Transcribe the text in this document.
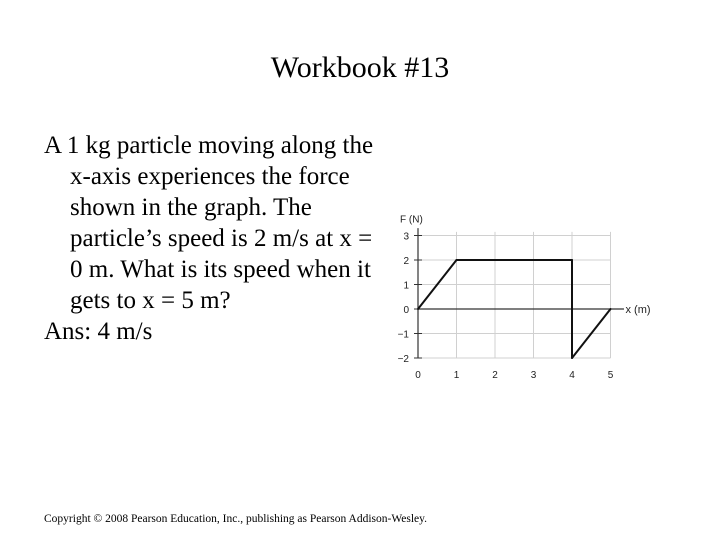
Workbook #13
A 1 kg particle moving along the x-axis experiences the force shown in the graph. The particle’s speed is 2 m/s at x = 0 m. What is its speed when it gets to x = 5 m?
Ans: 4 m/s
−2
−1
0
1
2
3
0	1	2	3	4	5
F (N)
x (m)
Copyright © 2008 Pearson Education, Inc., publishing as Pearson Addison-Wesley.
